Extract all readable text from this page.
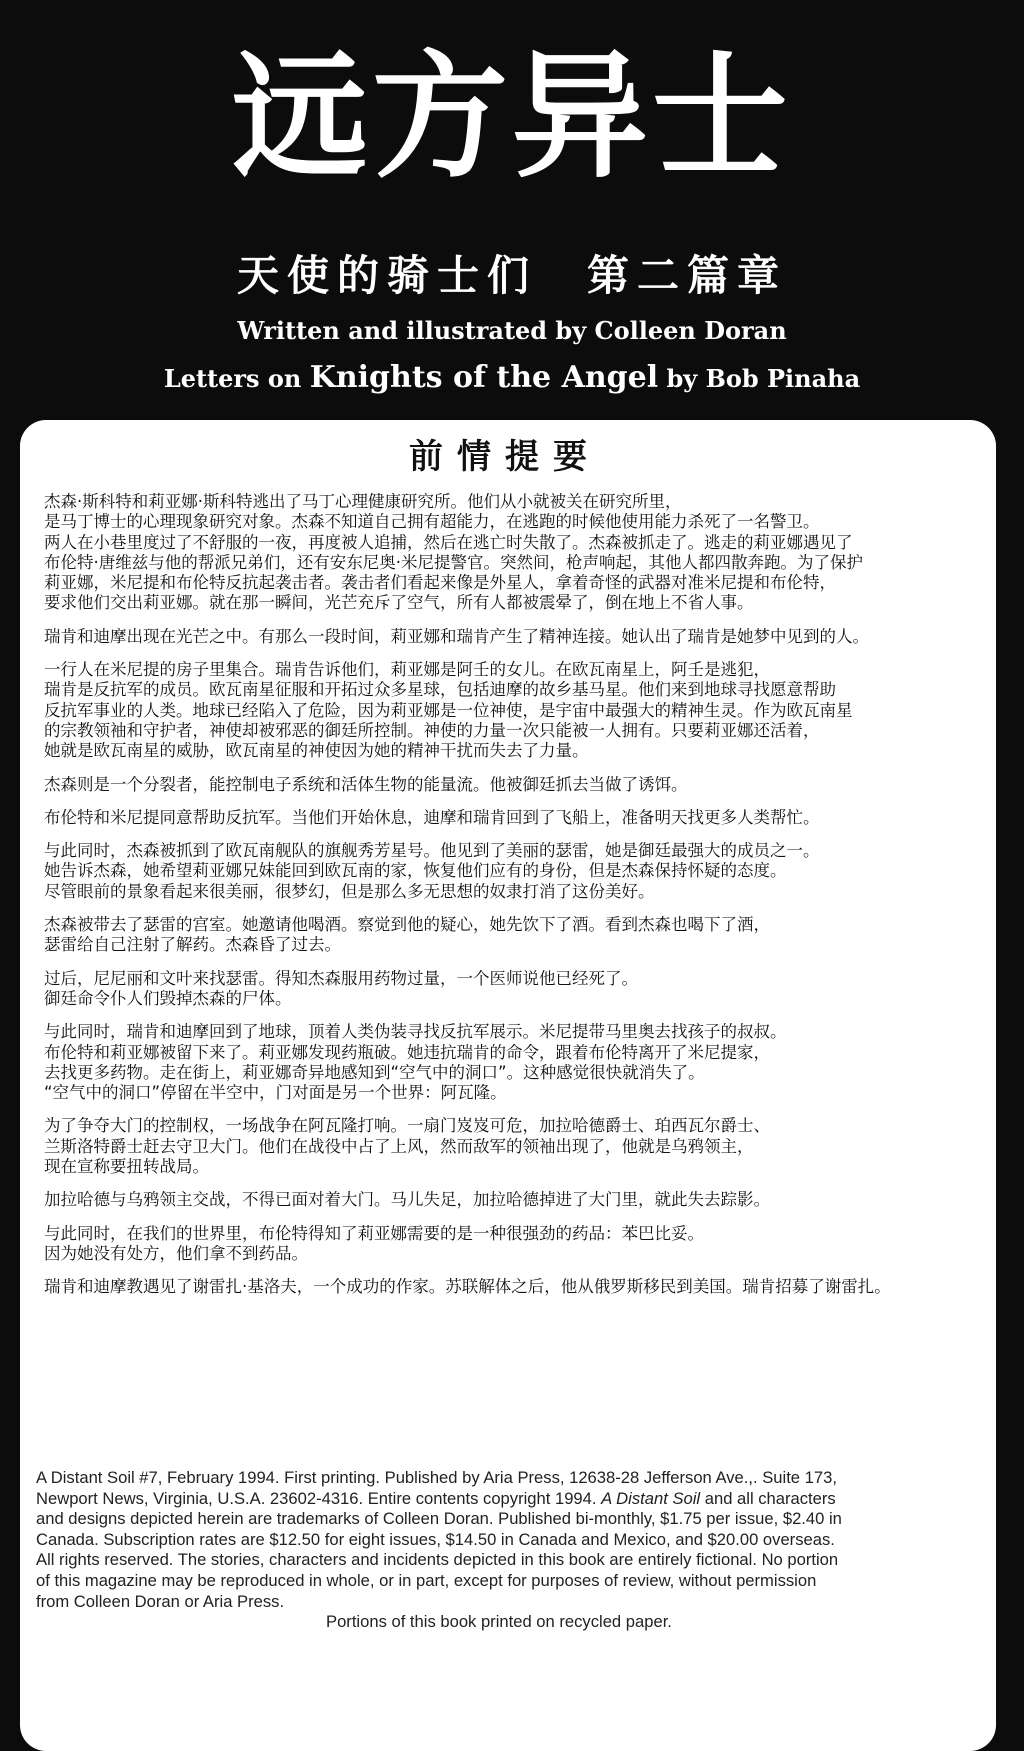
远方异士
天使的骑士们　第二篇章
Written and illustrated by Colleen Doran
Letters on Knights of the Angel by Bob Pinaha
前情提要
杰森·斯科特和莉亚娜·斯科特逃出了马丁心理健康研究所。他们从小就被关在研究所里，
是马丁博士的心理现象研究对象。杰森不知道自己拥有超能力，在逃跑的时候他使用能力杀死了一名警卫。
两人在小巷里度过了不舒服的一夜，再度被人追捕，然后在逃亡时失散了。杰森被抓走了。逃走的莉亚娜遇见了
布伦特·唐维兹与他的帮派兄弟们，还有安东尼奥·米尼提警官。突然间，枪声响起，其他人都四散奔跑。为了保护
莉亚娜，米尼提和布伦特反抗起袭击者。袭击者们看起来像是外星人，拿着奇怪的武器对准米尼提和布伦特，
要求他们交出莉亚娜。就在那一瞬间，光芒充斥了空气，所有人都被震晕了，倒在地上不省人事。
瑞肯和迪摩出现在光芒之中。有那么一段时间，莉亚娜和瑞肯产生了精神连接。她认出了瑞肯是她梦中见到的人。
一行人在米尼提的房子里集合。瑞肯告诉他们，莉亚娜是阿壬的女儿。在欧瓦南星上，阿壬是逃犯，
瑞肯是反抗军的成员。欧瓦南星征服和开拓过众多星球，包括迪摩的故乡基马星。他们来到地球寻找愿意帮助
反抗军事业的人类。地球已经陷入了危险，因为莉亚娜是一位神使，是宇宙中最强大的精神生灵。作为欧瓦南星
的宗教领袖和守护者，神使却被邪恶的御廷所控制。神使的力量一次只能被一人拥有。只要莉亚娜还活着，
她就是欧瓦南星的威胁，欧瓦南星的神使因为她的精神干扰而失去了力量。
杰森则是一个分裂者，能控制电子系统和活体生物的能量流。他被御廷抓去当做了诱饵。
布伦特和米尼提同意帮助反抗军。当他们开始休息，迪摩和瑞肯回到了飞船上，准备明天找更多人类帮忙。
与此同时，杰森被抓到了欧瓦南舰队的旗舰秀芳星号。他见到了美丽的瑟雷，她是御廷最强大的成员之一。
她告诉杰森，她希望莉亚娜兄妹能回到欧瓦南的家，恢复他们应有的身份，但是杰森保持怀疑的态度。
尽管眼前的景象看起来很美丽，很梦幻，但是那么多无思想的奴隶打消了这份美好。
杰森被带去了瑟雷的宫室。她邀请他喝酒。察觉到他的疑心，她先饮下了酒。看到杰森也喝下了酒，
瑟雷给自己注射了解药。杰森昏了过去。
过后，尼尼丽和文叶来找瑟雷。得知杰森服用药物过量，一个医师说他已经死了。
御廷命令仆人们毁掉杰森的尸体。
与此同时，瑞肯和迪摩回到了地球，顶着人类伪装寻找反抗军展示。米尼提带马里奥去找孩子的叔叔。
布伦特和莉亚娜被留下来了。莉亚娜发现药瓶破。她违抗瑞肯的命令，跟着布伦特离开了米尼提家，
去找更多药物。走在街上，莉亚娜奇异地感知到“空气中的洞口”。这种感觉很快就消失了。
“空气中的洞口”停留在半空中，门对面是另一个世界：阿瓦隆。
为了争夺大门的控制权，一场战争在阿瓦隆打响。一扇门岌岌可危，加拉哈德爵士、珀西瓦尔爵士、
兰斯洛特爵士赶去守卫大门。他们在战役中占了上风，然而敌军的领袖出现了，他就是乌鸦领主，
现在宣称要扭转战局。
加拉哈德与乌鸦领主交战，不得已面对着大门。马儿失足，加拉哈德掉进了大门里，就此失去踪影。
与此同时，在我们的世界里，布伦特得知了莉亚娜需要的是一种很强劲的药品：苯巴比妥。
因为她没有处方，他们拿不到药品。
瑞肯和迪摩教遇见了谢雷扎·基洛夫，一个成功的作家。苏联解体之后，他从俄罗斯移民到美国。瑞肯招募了谢雷扎。
A Distant Soil #7, February 1994. First printing. Published by Aria Press, 12638-28 Jefferson Ave.,. Suite 173,
Newport News, Virginia, U.S.A. 23602-4316. Entire contents copyright 1994. A Distant Soil and all characters
and designs depicted herein are trademarks of Colleen Doran. Published bi-monthly, $1.75 per issue, $2.40 in
Canada. Subscription rates are $12.50 for eight issues, $14.50 in Canada and Mexico, and $20.00 overseas.
All rights reserved. The stories, characters and incidents depicted in this book are entirely fictional. No portion
of this magazine may be reproduced in whole, or in part, except for purposes of review, without permission
from Colleen Doran or Aria Press.
Portions of this book printed on recycled paper.
